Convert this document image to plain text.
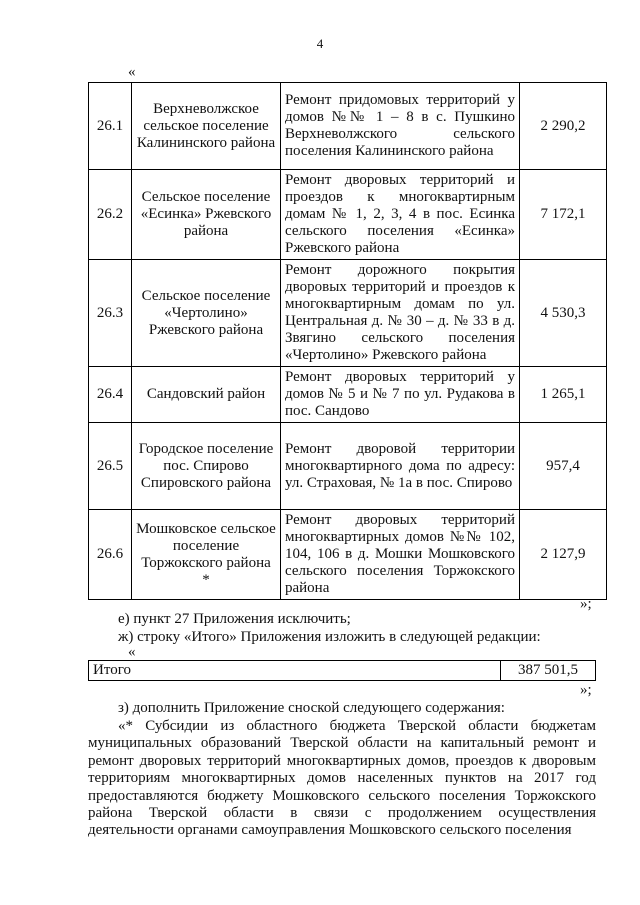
4
«
26.1	Верхневолжское сельское поселение Калининского района	Ремонт придомовых территорий у домов №№ 1 – 8 в с. Пушкино Верхневолжского сельского поселения Калининского района	2 290,2
26.2	Сельское поселение «Есинка» Ржевского района	Ремонт дворовых территорий и проездов к многоквартирным домам № 1, 2, 3, 4 в пос. Есинка сельского поселения «Есинка» Ржевского района	7 172,1
26.3	Сельское поселение «Чертолино» Ржевского района	Ремонт дорожного покрытия дворовых территорий и проездов к многоквартирным домам по ул. Центральная д. № 30 – д. № 33 в д. Звягино сельского поселения «Чертолино» Ржевского района	4 530,3
26.4	Сандовский район	Ремонт дворовых территорий у домов № 5 и № 7 по ул. Рудакова в пос. Сандово	1 265,1
26.5	Городское поселение пос. Спирово Спировского района	Ремонт дворовой территории многоквартирного дома по адресу: ул. Страховая, № 1а в пос. Спирово	957,4
26.6	Мошковское сельское поселение Торжокского района *	Ремонт дворовых территорий многоквартирных домов №№ 102, 104, 106 в д. Мошки Мошковского сельского поселения Торжокского района	2 127,9
»;
е) пункт 27 Приложения исключить;
ж) строку «Итого» Приложения изложить в следующей редакции:
«
Итого	387 501,5
»;
з) дополнить Приложение сноской следующего содержания:
«* Субсидии из областного бюджета Тверской области бюджетам муниципальных образований Тверской области на капитальный ремонт и ремонт дворовых территорий многоквартирных домов, проездов к дворовым территориям многоквартирных домов населенных пунктов на 2017 год предоставляются бюджету Мошковского сельского поселения Торжокского района Тверской области в связи с продолжением осуществления деятельности органами самоуправления Мошковского сельского поселения
